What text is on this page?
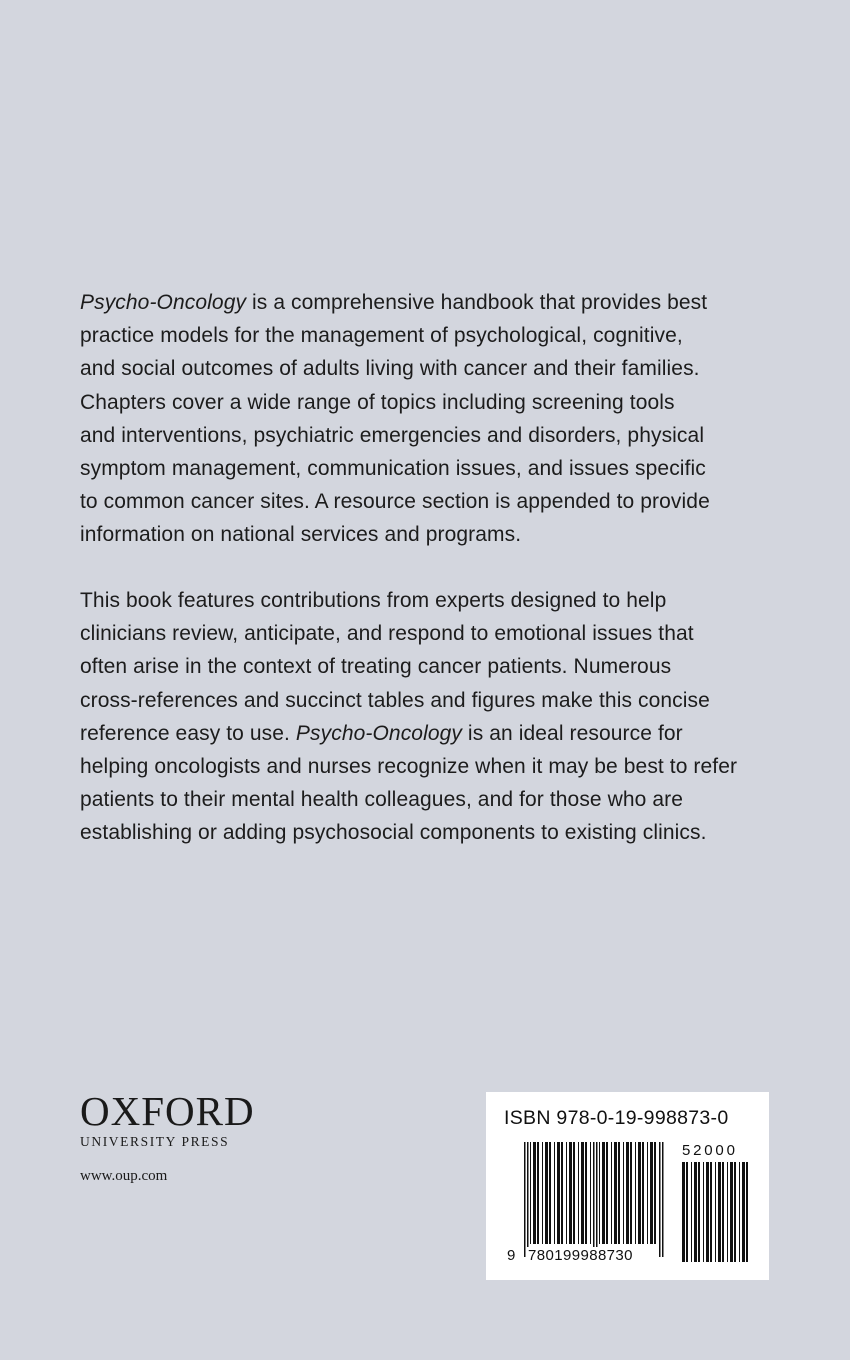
Psycho-Oncology is a comprehensive handbook that provides best
practice models for the management of psychological, cognitive,
and social outcomes of adults living with cancer and their families.
Chapters cover a wide range of topics including screening tools
and interventions, psychiatric emergencies and disorders, physical
symptom management, communication issues, and issues specific
to common cancer sites. A resource section is appended to provide
information on national services and programs.
This book features contributions from experts designed to help
clinicians review, anticipate, and respond to emotional issues that
often arise in the context of treating cancer patients. Numerous
cross-references and succinct tables and figures make this concise
reference easy to use. Psycho-Oncology is an ideal resource for
helping oncologists and nurses recognize when it may be best to refer
patients to their mental health colleagues, and for those who are
establishing or adding psychosocial components to existing clinics.
OXFORD
UNIVERSITY PRESS
www.oup.com
ISBN 978-0-19-998873-0
52000
9 780199988730
